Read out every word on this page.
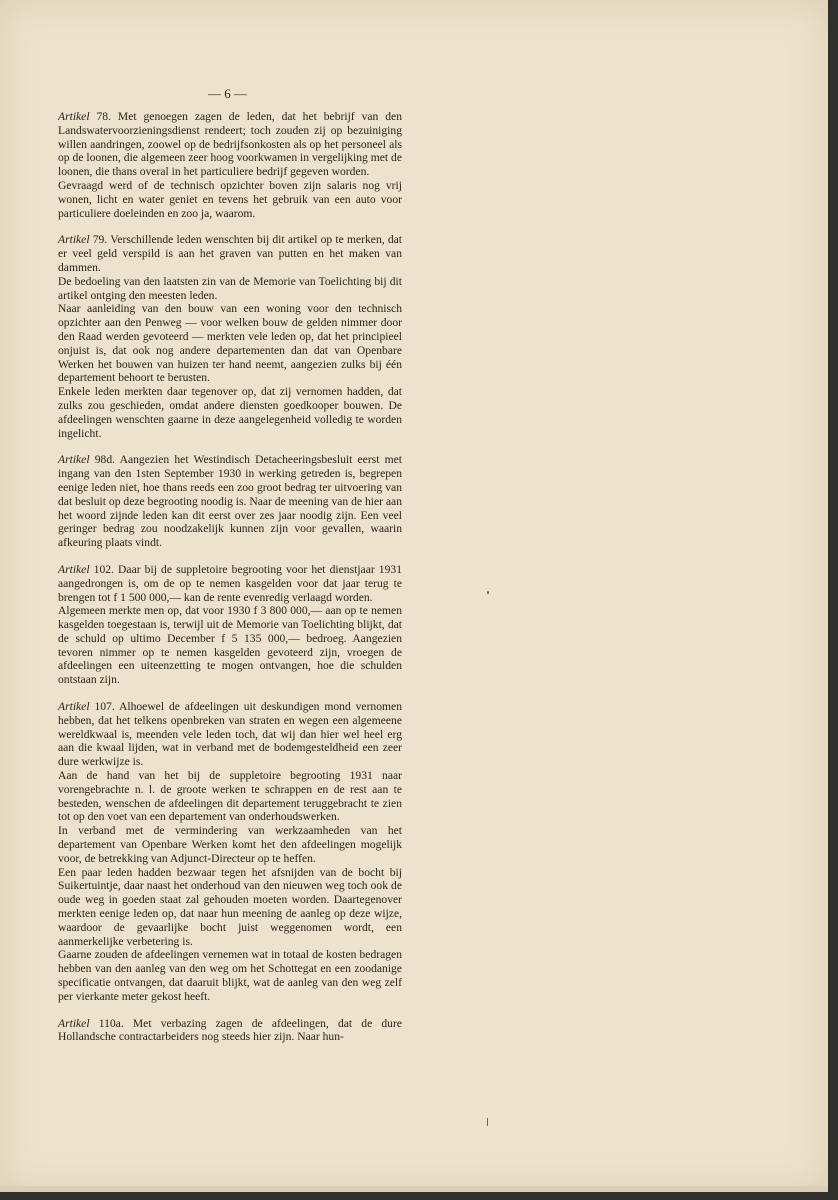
— 6 —

Artikel 78. Met genoegen zagen de leden, dat het bebrijf van den Landswatervoorzieningsdienst rendeert; toch zouden zij op bezuiniging willen aandringen, zoowel op de bedrijfsonkosten als op het personeel als op de loonen, die algemeen zeer hoog voorkwamen in vergelijking met de loonen, die thans overal in het particuliere bedrijf gegeven worden.

Gevraagd werd of de technisch opzichter boven zijn salaris nog vrij wonen, licht en water geniet en tevens het gebruik van een auto voor particuliere doeleinden en zoo ja, waarom.

Artikel 79. Verschillende leden wenschten bij dit artikel op te merken, dat er veel geld verspild is aan het graven van putten en het maken van dammen.

De bedoeling van den laatsten zin van de Memorie van Toelichting bij dit artikel ontging den meesten leden.

Naar aanleiding van den bouw van een woning voor den technisch opzichter aan den Penweg — voor welken bouw de gelden nimmer door den Raad werden gevoteerd — merkten vele leden op, dat het principieel onjuist is, dat ook nog andere departementen dan dat van Openbare Werken het bouwen van huizen ter hand neemt, aangezien zulks bij één departement behoort te berusten.

Enkele leden merkten daar tegenover op, dat zij vernomen hadden, dat zulks zou geschieden, omdat andere diensten goedkooper bouwen. De afdeelingen wenschten gaarne in deze aangelegenheid volledig te worden ingelicht.

Artikel 98d. Aangezien het Westindisch Detacheeringsbesluit eerst met ingang van den 1sten September 1930 in werking getreden is, begrepen eenige leden niet, hoe thans reeds een zoo groot bedrag ter uitvoering van dat besluit op deze begrooting noodig is. Naar de meening van de hier aan het woord zijnde leden kan dit eerst over zes jaar noodig zijn. Een veel geringer bedrag zou noodzakelijk kunnen zijn voor gevallen, waarin afkeuring plaats vindt.

Artikel 102. Daar bij de suppletoire begrooting voor het dienstjaar 1931 aangedrongen is, om de op te nemen kasgelden voor dat jaar terug te brengen tot f 1 500 000,— kan de rente evenredig verlaagd worden.

Algemeen merkte men op, dat voor 1930 f 3 800 000,— aan op te nemen kasgelden toegestaan is, terwijl uit de Memorie van Toelichting blijkt, dat de schuld op ultimo December f 5 135 000,— bedroeg. Aangezien tevoren nimmer op te nemen kasgelden gevoteerd zijn, vroegen de afdeelingen een uiteenzetting te mogen ontvangen, hoe die schulden ontstaan zijn.

Artikel 107. Alhoewel de afdeelingen uit deskundigen mond vernomen hebben, dat het telkens openbreken van straten en wegen een algemeene wereldkwaal is, meenden vele leden toch, dat wij dan hier wel heel erg aan die kwaal lijden, wat in verband met de bodemgesteldheid een zeer dure werkwijze is.

Aan de hand van het bij de suppletoire begrooting 1931 naar vorengebrachte n. l. de groote werken te schrappen en de rest aan te besteden, wenschen de afdeelingen dit departement teruggebracht te zien tot op den voet van een departement van onderhoudswerken.

In verband met de vermindering van werkzaamheden van het departement van Openbare Werken komt het den afdeelingen mogelijk voor, de betrekking van Adjunct-Directeur op te heffen.

Een paar leden hadden bezwaar tegen het afsnijden van de bocht bij Suikertuintje, daar naast het onderhoud van den nieuwen weg toch ook de oude weg in goeden staat zal gehouden moeten worden. Daartegenover merkten eenige leden op, dat naar hun meening de aanleg op deze wijze, waardoor de gevaarlijke bocht juist weggenomen wordt, een aanmerkelijke verbetering is.

Gaarne zouden de afdeelingen vernemen wat in totaal de kosten bedragen hebben van den aanleg van den weg om het Schottegat en een zoodanige specificatie ontvangen, dat daaruit blijkt, wat de aanleg van den weg zelf per vierkante meter gekost heeft.

Artikel 110a. Met verbazing zagen de afdeelingen, dat de dure Hollandsche contractarbeiders nog steeds hier zijn. Naar hun-
